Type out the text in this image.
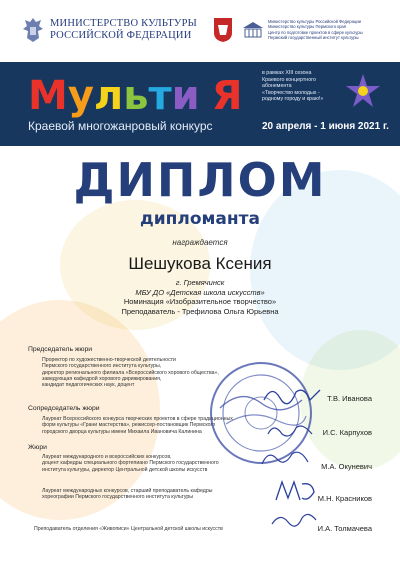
МИНИСТЕРСТВО КУЛЬТУРЫ
РОССИЙСКОЙ ФЕДЕРАЦИИ
Министерство культуры Российской Федерации
Министерство культуры Пермского края
Центр по подготовке проектов в сфере культуры
Пермский государственный институт культуры
М у л ь т и Я
Краевой многожанровый конкурс	20 апреля - 1 июня 2021 г.
в рамках XIII сезона
Краевого концертного
абонемента
«Творчество молодых -
родному городу и краю!»
ДИПЛОМ
дипломанта
награждается
Шешукова Ксения
г. Гремячинск
МБУ ДО «Детская школа искусств»
Номинация «Изобразительное творчество»
Преподаватель - Трефилова Ольга Юрьевна
Председатель жюри
Проректор по художественно-творческой деятельности
Пермского государственного института культуры,
директор регионального филиала «Всероссийского хорового общества»,
заведующая кафедрой хорового дирижирования,
кандидат педагогических наук, доцент
Т.В. Иванова
Сопредседатель жюри
Лауреат Всероссийского конкурса творческих проектов в сфере традиционных
форм культуры «Грани мастерства», режиссер-постановщик Пермского
городского дворца культуры имени Михаила Ивановича Калинина	И.С. Карпухов
Жюри
Лауреат международного и всероссийских конкурсов,
доцент кафедры специального фортепиано Пермского государственного
института культуры, директор Центральной детской школы искусств	М.А. Окуневич
Лауреат международных конкурсов, старший преподаватель кафедры
хореографии Пермского государственного института культуры	М.Н. Красников
Преподаватель отделения «Живописи» Центральной детской школы искусств	И.А. Толмачева
